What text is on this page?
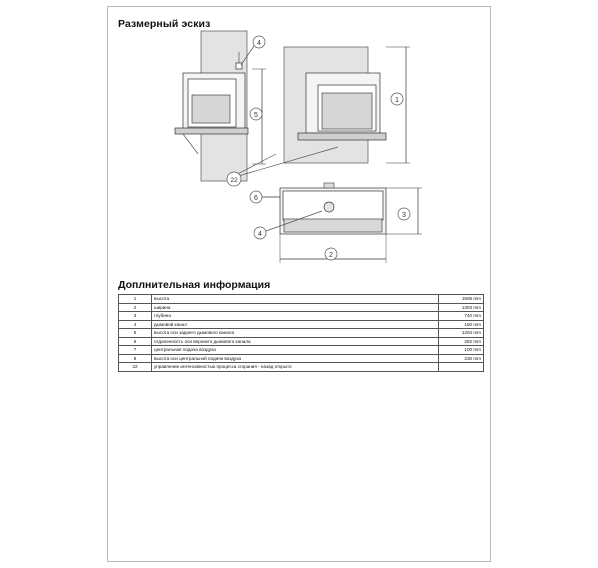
Размерный эскиз
4
5
1
22
6
3
4
2
Доплнительная информация
1	высота	1506 mm
2	ширина	1303 mm
3	глубина	740 mm
4	дымовой канал	150 mm
5	высота оси заднего дымового канала	1204 mm
6	отдаленность оси верхнего дымового канала	282 mm
7	центральная подача воздуха	100 mm
8	высота оси центральной подачи воздуха	230 mm
22	управление интенсивностью процесса сгорания - назад открыто	
